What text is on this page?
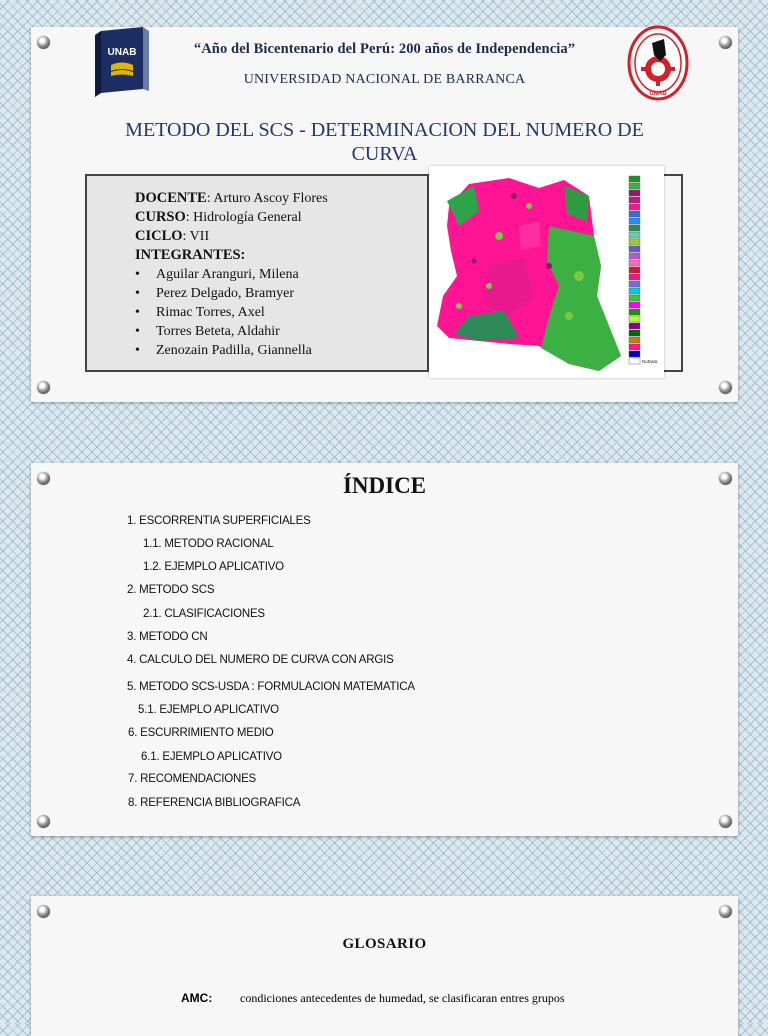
UNAB	“Año del Bicentenario del Perú: 200 años de Independencia”
UNIVERSIDAD NACIONAL DE BARRANCA
UNAB
METODO DEL SCS - DETERMINACION DEL NUMERO DE CURVA
DOCENTE: Arturo Ascoy Flores
CURSO: Hidrología General
CICLO: VII
INTEGRANTES:
• Aguilar Aranguri, Milena
• Perez Delgado, Bramyer
• Rimac Torres, Axel
• Torres Beteta, Aldahir
• Zenozain Padilla, Giannella
NoData
ÍNDICE
1. ESCORRENTIA SUPERFICIALES
1.1. METODO RACIONAL
1.2. EJEMPLO APLICATIVO
2. METODO SCS
2.1. CLASIFICACIONES
3. METODO CN
4. CALCULO DEL NUMERO DE CURVA CON ARGIS
5. METODO SCS-USDA : FORMULACION MATEMATICA
5.1. EJEMPLO APLICATIVO
6. ESCURRIMIENTO MEDIO
6.1. EJEMPLO APLICATIVO
7. RECOMENDACIONES
8. REFERENCIA BIBLIOGRAFICA
GLOSARIO
AMC: condiciones antecedentes de humedad, se clasificaran entres grupos
